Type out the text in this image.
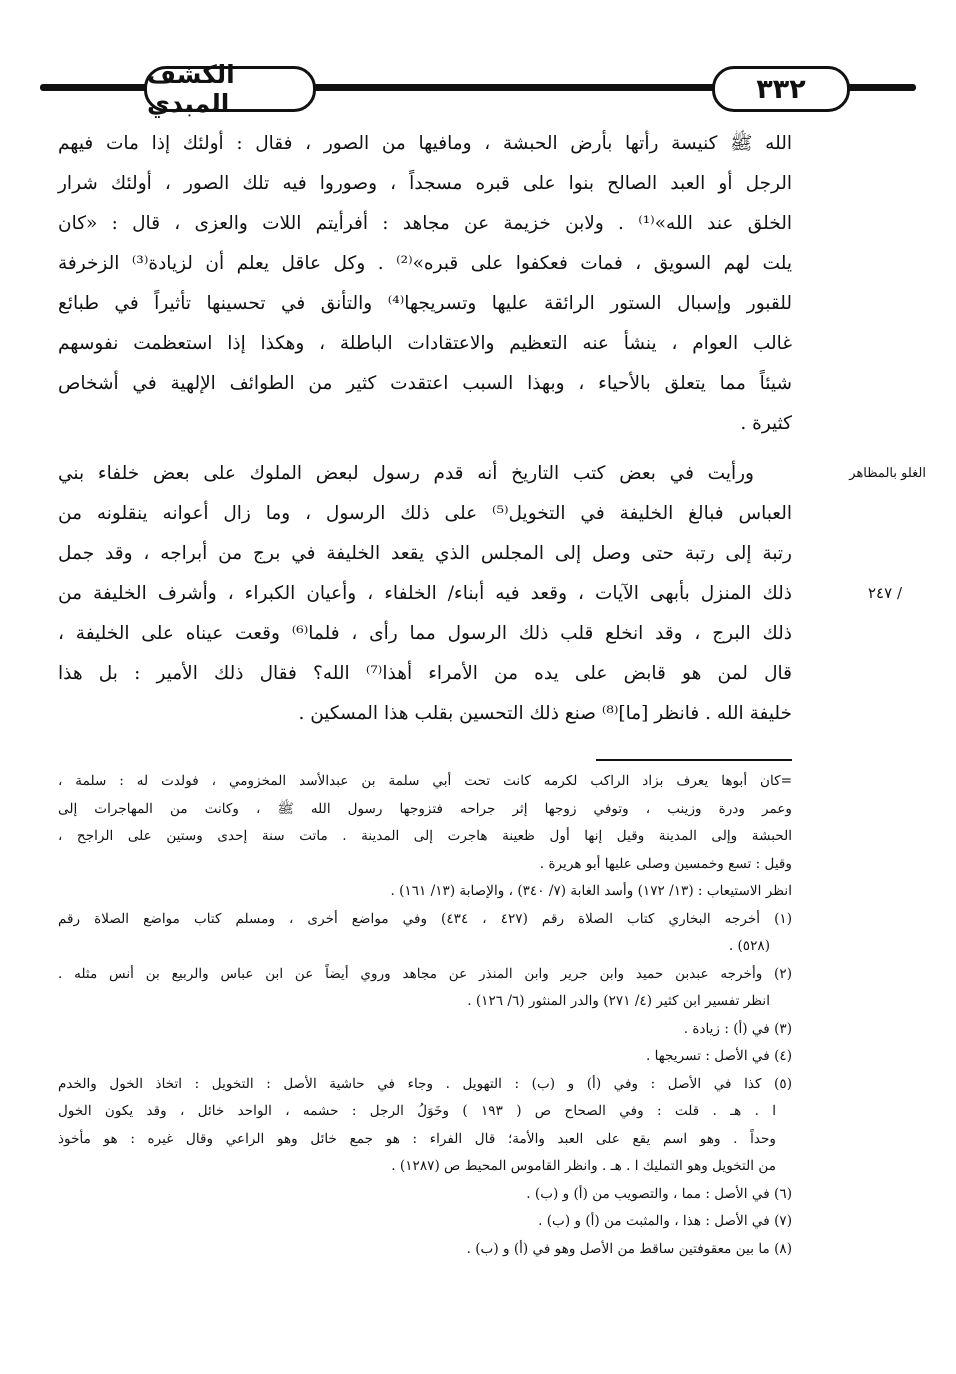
الكشف المبدي	٣٣٢
الله ﷺ كنيسة رأتها بأرض الحبشة ، ومافيها من الصور ، فقال : أولئك إذا مات فيهم
الرجل أو العبد الصالح بنوا على قبره مسجداً ، وصوروا فيه تلك الصور ، أولئك شرار
الخلق عند الله»⁽¹⁾ . ولابن خزيمة عن مجاهد : أفرأيتم اللات والعزى ، قال : «كان
يلت لهم السويق ، فمات فعكفوا على قبره»⁽²⁾ . وكل عاقل يعلم أن لزيادة⁽³⁾ الزخرفة
للقبور وإسبال الستور الرائقة عليها وتسريجها⁽⁴⁾ والتأنق في تحسينها تأثيراً في طبائع
غالب العوام ، ينشأ عنه التعظيم والاعتقادات الباطلة ، وهكذا إذا استعظمت نفوسهم
شيئاً مما يتعلق بالأحياء ، وبهذا السبب اعتقدت كثير من الطوائف الإلهية في أشخاص
كثيرة .
ورأيت في بعض كتب التاريخ أنه قدم رسول لبعض الملوك على بعض خلفاء بني
العباس فبالغ الخليفة في التخويل⁽⁵⁾ على ذلك الرسول ، وما زال أعوانه ينقلونه من
رتبة إلى رتبة حتى وصل إلى المجلس الذي يقعد الخليفة في برج من أبراجه ، وقد جمل
ذلك المنزل بأبهى الآيات ، وقعد فيه أبناء/ الخلفاء ، وأعيان الكبراء ، وأشرف الخليفة من
ذلك البرج ، وقد انخلع قلب ذلك الرسول مما رأى ، فلما⁽⁶⁾ وقعت عيناه على الخليفة ،
قال لمن هو قابض على يده من الأمراء أهذا⁽⁷⁾ الله؟ فقال ذلك الأمير : بل هذا
خليفة الله . فانظر [ما]⁽⁸⁾ صنع ذلك التحسين بقلب هذا المسكين .
الغلو بالمظاهر
/ ٢٤٧
=كان أبوها يعرف بزاد الراكب لكرمه كانت تحت أبي سلمة بن عبدالأسد المخزومي ، فولدت له : سلمة ،
وعمر ودرة وزينب ، وتوفي زوجها إثر جراحه فتزوجها رسول الله ﷺ ، وكانت من المهاجرات إلى
الحبشة وإلى المدينة وقيل إنها أول ظعينة هاجرت إلى المدينة . ماتت سنة إحدى وستين على الراجح ،
وقيل : تسع وخمسين وصلى عليها أبو هريرة .
انظر الاستيعاب : (١٣/ ١٧٢) وأسد الغابة (٧/ ٣٤٠) ، والإصابة (١٣/ ١٦١) .
(١) أخرجه البخاري كتاب الصلاة رقم (٤٢٧ ، ٤٣٤) وفي مواضع أخرى ، ومسلم كتاب مواضع الصلاة رقم
(٥٢٨) .
(٢) وأخرجه عبدبن حميد وابن جرير وابن المنذر عن مجاهد وروي أيضاً عن ابن عباس والربيع بن أنس مثله .
انظر تفسير ابن كثير (٤/ ٢٧١) والدر المنثور (٦/ ١٢٦) .
(٣) في (أ) : زيادة .
(٤) في الأصل : تسريجها .
(٥) كذا في الأصل : وفي (أ) و (ب) : التهويل . وجاء في حاشية الأصل : التخويل : اتخاذ الخول والخدم
ا . هـ . قلت : وفي الصحاح ص ( ١٩٣ ) وخَوَلُ الرجل : حشمه ، الواحد خائل ، وقد يكون الخول
وحداً . وهو اسم يقع على العبد والأمة؛ قال الفراء : هو جمع خائل وهو الراعي وقال غيره : هو مأخوذ
من التخويل وهو التمليك ا . هـ . وانظر القاموس المحيط ص (١٢٨٧) .
(٦) في الأصل : مما ، والتصويب من (أ) و (ب) .
(٧) في الأصل : هذا ، والمثبت من (أ) و (ب) .
(٨) ما بين معقوفتين ساقط من الأصل وهو في (أ) و (ب) .
